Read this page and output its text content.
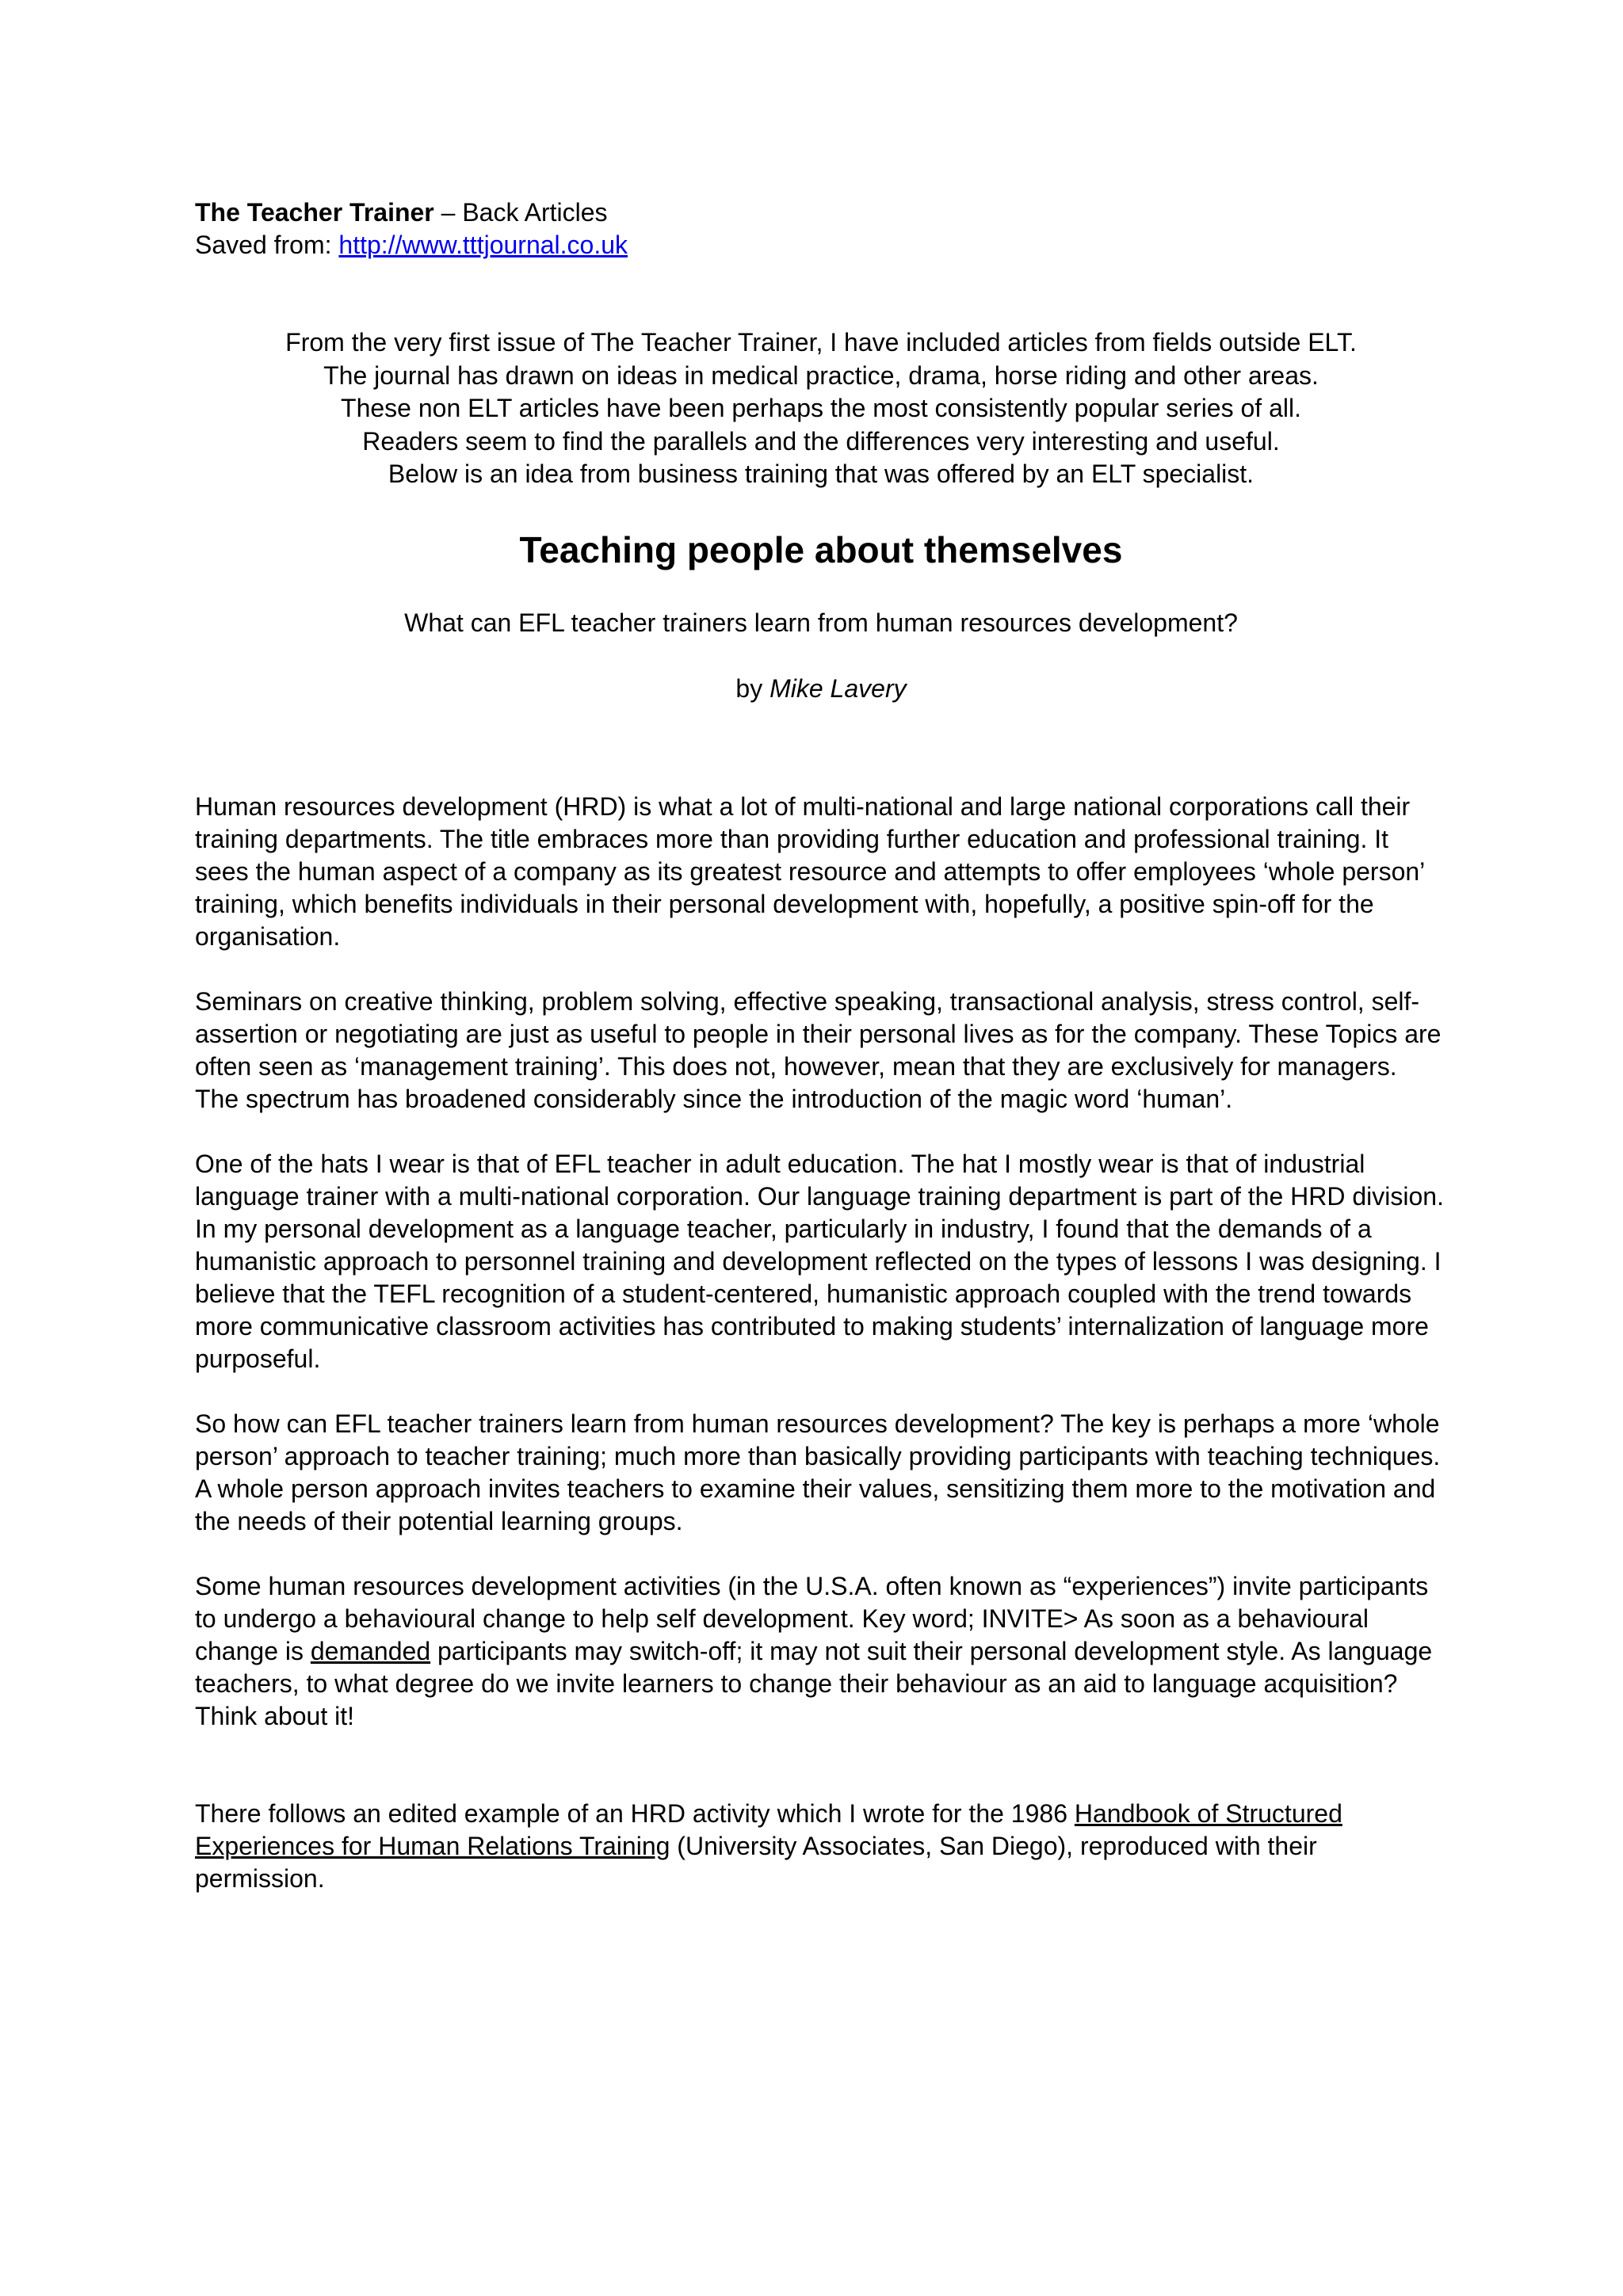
The Teacher Trainer – Back Articles
Saved from: http://www.tttjournal.co.uk

From the very first issue of The Teacher Trainer, I have included articles from fields outside ELT.

The journal has drawn on ideas in medical practice, drama, horse riding and other areas.

These non ELT articles have been perhaps the most consistently popular series of all.

Readers seem to find the parallels and the differences very interesting and useful.

Below is an idea from business training that was offered by an ELT specialist.

Teaching people about themselves
What can EFL teacher trainers learn from human resources development?
by Mike Lavery

Human resources development (HRD) is what a lot of multi-national and large national corporations call their training departments. The title embraces more than providing further education and professional training. It sees the human aspect of a company as its greatest resource and attempts to offer employees ‘whole person’ training, which benefits individuals in their personal development with, hopefully, a positive spin-off for the organisation.

Seminars on creative thinking, problem solving, effective speaking, transactional analysis, stress control, self-assertion or negotiating are just as useful to people in their personal lives as for the company. These Topics are often seen as ‘management training’. This does not, however, mean that they are exclusively for managers. The spectrum has broadened considerably since the introduction of the magic word ‘human’.

One of the hats I wear is that of EFL teacher in adult education. The hat I mostly wear is that of industrial language trainer with a multi-national corporation. Our language training department is part of the HRD division. In my personal development as a language teacher, particularly in industry, I found that the demands of a humanistic approach to personnel training and development reflected on the types of lessons I was designing. I believe that the TEFL recognition of a student-centered, humanistic approach coupled with the trend towards more communicative classroom activities has contributed to making students’ internalization of language more purposeful.

So how can EFL teacher trainers learn from human resources development? The key is perhaps a more ‘whole person’ approach to teacher training; much more than basically providing participants with teaching techniques. A whole person approach invites teachers to examine their values, sensitizing them more to the motivation and the needs of their potential learning groups.

Some human resources development activities (in the U.S.A. often known as “experiences”) invite participants to undergo a behavioural change to help self development. Key word; INVITE> As soon as a behavioural change is demanded participants may switch-off; it may not suit their personal development style. As language teachers, to what degree do we invite learners to change their behaviour as an aid to language acquisition? Think about it!

There follows an edited example of an HRD activity which I wrote for the 1986 Handbook of Structured Experiences for Human Relations Training (University Associates, San Diego), reproduced with their permission.
